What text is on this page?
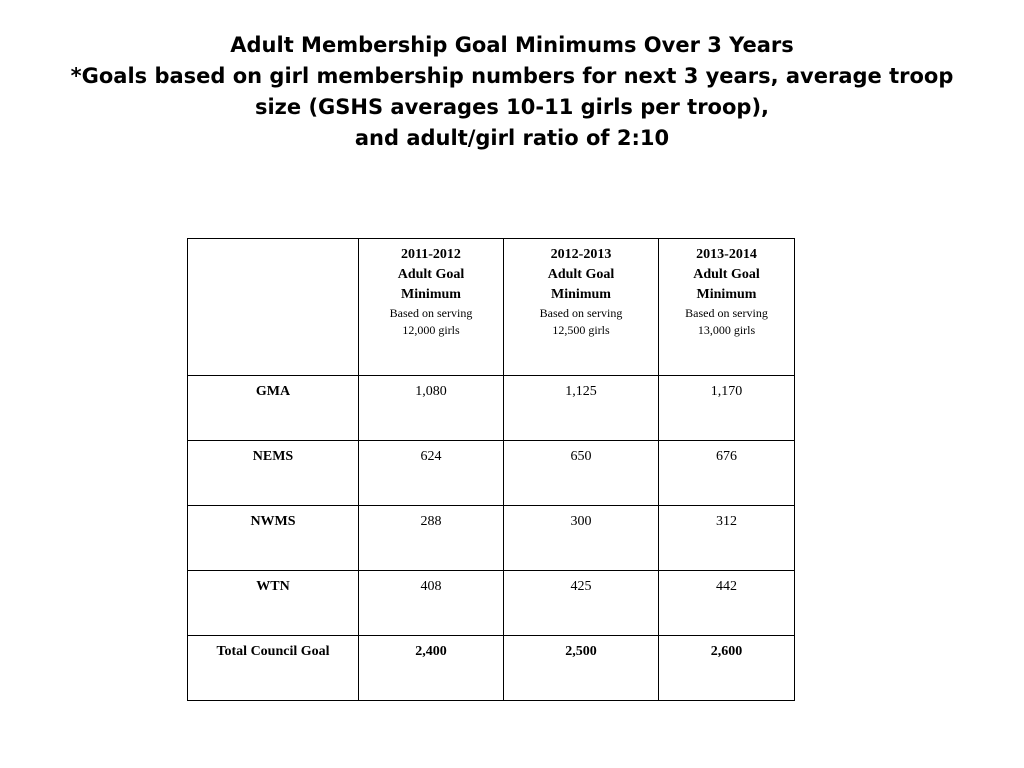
Adult Membership Goal Minimums Over 3 Years
*Goals based on girl membership numbers for next 3 years, average troop
size (GSHS averages 10-11 girls per troop),
and adult/girl ratio of 2:10

	2011-2012
Adult Goal
Minimum
Based on serving
12,000 girls	2012-2013
Adult Goal
Minimum
Based on serving
12,500 girls	2013-2014
Adult Goal
Minimum
Based on serving
13,000 girls

GMA	1,080	1,125	1,170
NEMS	624	650	676
NWMS	288	300	312
WTN	408	425	442
Total Council Goal	2,400	2,500	2,600
